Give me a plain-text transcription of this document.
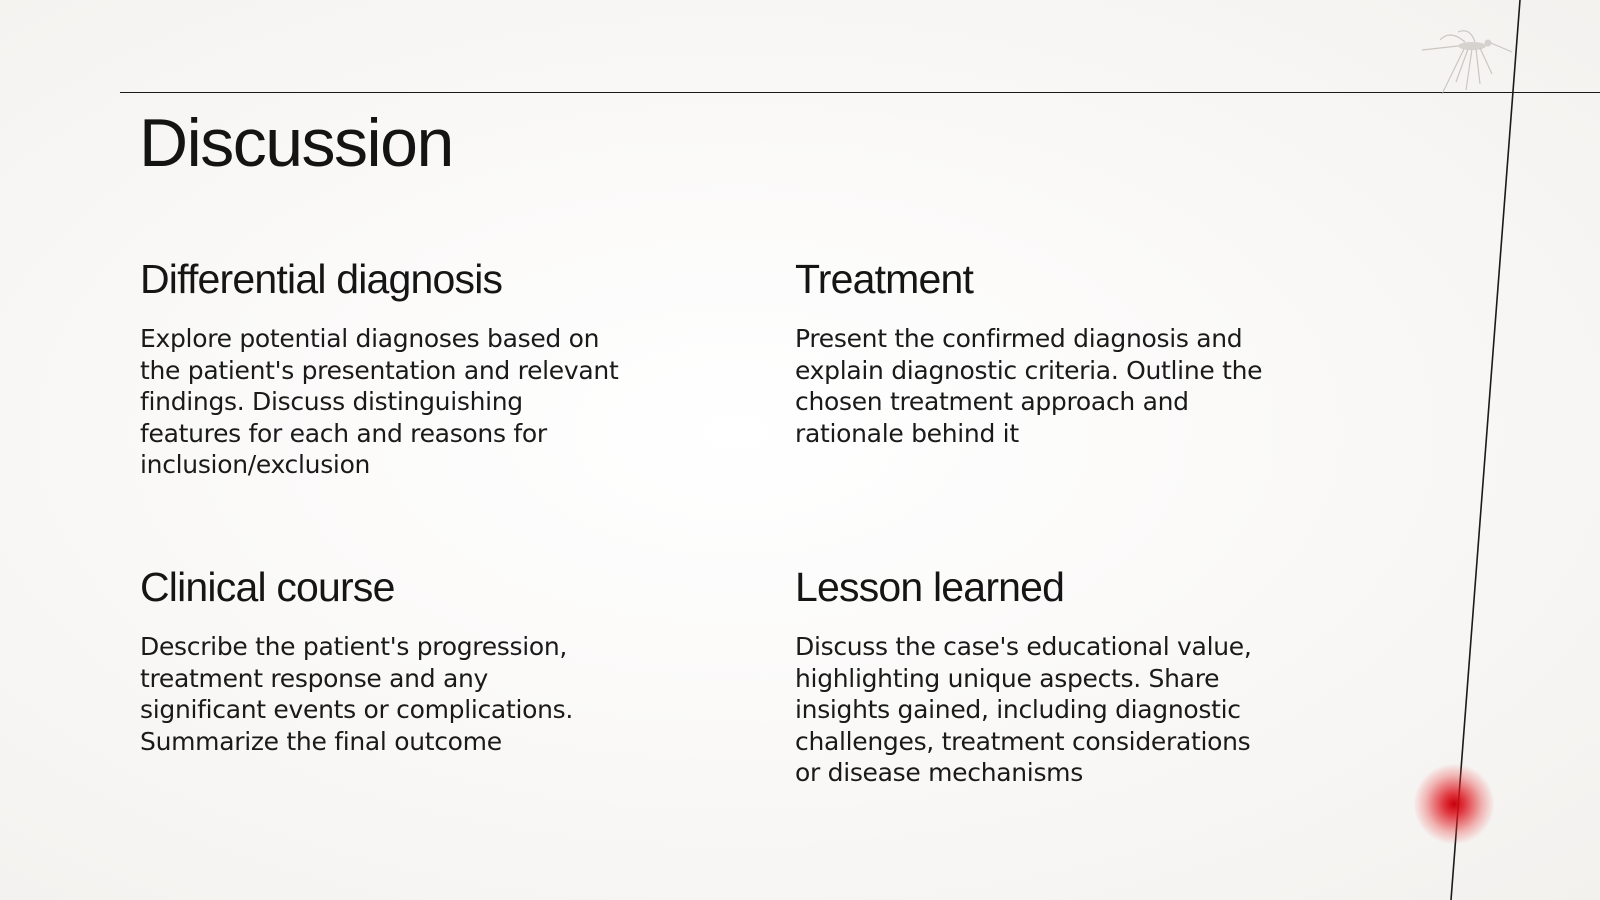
Discussion
Differential diagnosis

Explore potential diagnoses based on
the patient's presentation and relevant
findings. Discuss distinguishing
features for each and reasons for
inclusion/exclusion

Treatment

Present the confirmed diagnosis and
explain diagnostic criteria. Outline the
chosen treatment approach and
rationale behind it

Clinical course

Describe the patient's progression,
treatment response and any
significant events or complications.
Summarize the final outcome

Lesson learned

Discuss the case's educational value,
highlighting unique aspects. Share
insights gained, including diagnostic
challenges, treatment considerations
or disease mechanisms
